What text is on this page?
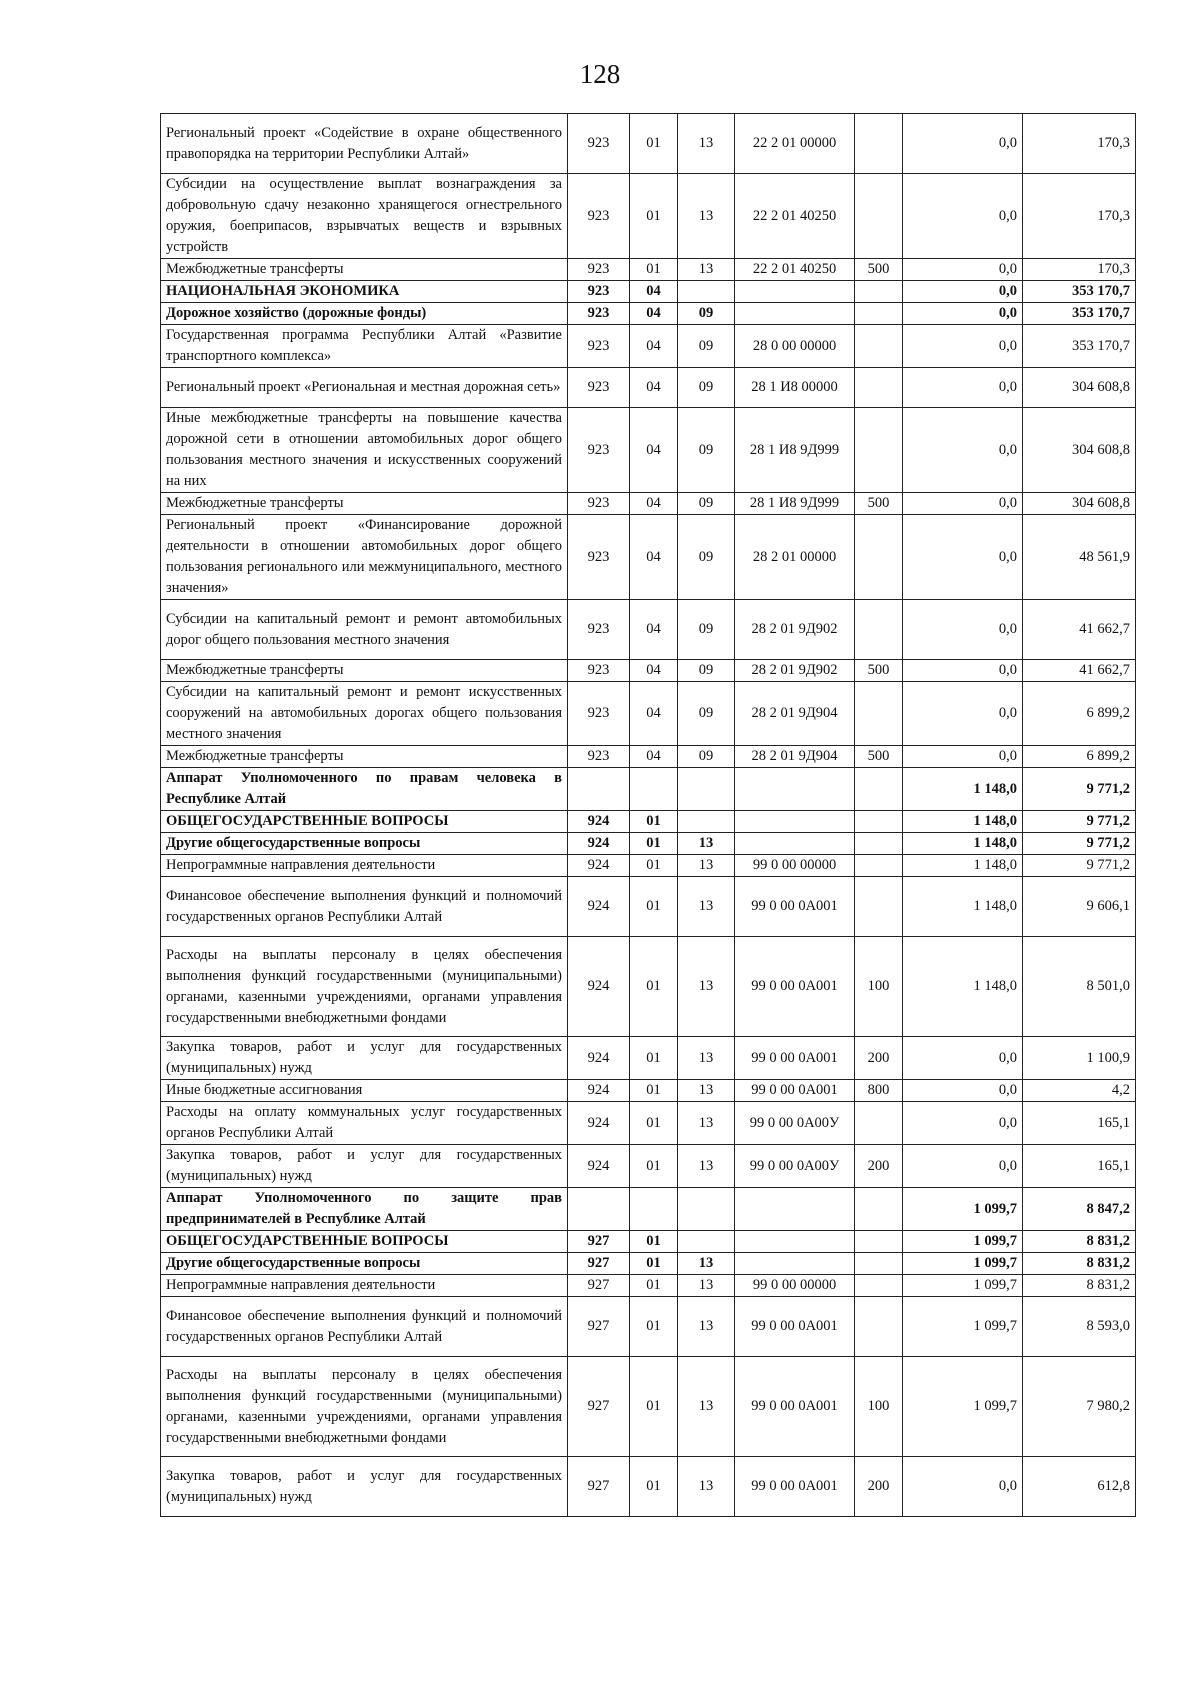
128
Региональный проект «Содействие в охране общественного правопорядка на территории Республики Алтай»	923	01	13	22 2 01 00000		0,0	170,3
Субсидии на осуществление выплат вознаграждения за добровольную сдачу незаконно хранящегося огнестрельного оружия, боеприпасов, взрывчатых веществ и взрывных устройств	923	01	13	22 2 01 40250		0,0	170,3
Межбюджетные трансферты	923	01	13	22 2 01 40250	500	0,0	170,3
НАЦИОНАЛЬНАЯ ЭКОНОМИКА	923	04				0,0	353 170,7
Дорожное хозяйство (дорожные фонды)	923	04	09			0,0	353 170,7
Государственная программа Республики Алтай «Развитие транспортного комплекса»	923	04	09	28 0 00 00000		0,0	353 170,7
Региональный проект «Региональная и местная дорожная сеть»	923	04	09	28 1 И8 00000		0,0	304 608,8
Иные межбюджетные трансферты на повышение качества дорожной сети в отношении автомобильных дорог общего пользования местного значения и искусственных сооружений на них	923	04	09	28 1 И8 9Д999		0,0	304 608,8
Межбюджетные трансферты	923	04	09	28 1 И8 9Д999	500	0,0	304 608,8
Региональный проект «Финансирование дорожной деятельности в отношении автомобильных дорог общего пользования регионального или межмуниципального, местного значения»	923	04	09	28 2 01 00000		0,0	48 561,9
Субсидии на капитальный ремонт и ремонт автомобильных дорог общего пользования местного значения	923	04	09	28 2 01 9Д902		0,0	41 662,7
Межбюджетные трансферты	923	04	09	28 2 01 9Д902	500	0,0	41 662,7
Субсидии на капитальный ремонт и ремонт искусственных сооружений на автомобильных дорогах общего пользования местного значения	923	04	09	28 2 01 9Д904		0,0	6 899,2
Межбюджетные трансферты	923	04	09	28 2 01 9Д904	500	0,0	6 899,2
Аппарат Уполномоченного по правам человека в Республике Алтай						1 148,0	9 771,2
ОБЩЕГОСУДАРСТВЕННЫЕ ВОПРОСЫ	924	01				1 148,0	9 771,2
Другие общегосударственные вопросы	924	01	13			1 148,0	9 771,2
Непрограммные направления деятельности	924	01	13	99 0 00 00000		1 148,0	9 771,2
Финансовое обеспечение выполнения функций и полномочий государственных органов Республики Алтай	924	01	13	99 0 00 0А001		1 148,0	9 606,1
Расходы на выплаты персоналу в целях обеспечения выполнения функций государственными (муниципальными) органами, казенными учреждениями, органами управления государственными внебюджетными фондами	924	01	13	99 0 00 0А001	100	1 148,0	8 501,0
Закупка товаров, работ и услуг для государственных (муниципальных) нужд	924	01	13	99 0 00 0А001	200	0,0	1 100,9
Иные бюджетные ассигнования	924	01	13	99 0 00 0А001	800	0,0	4,2
Расходы на оплату коммунальных услуг государственных органов Республики Алтай	924	01	13	99 0 00 0А00У		0,0	165,1
Закупка товаров, работ и услуг для государственных (муниципальных) нужд	924	01	13	99 0 00 0А00У	200	0,0	165,1
Аппарат Уполномоченного по защите прав предпринимателей в Республике Алтай						1 099,7	8 847,2
ОБЩЕГОСУДАРСТВЕННЫЕ ВОПРОСЫ	927	01				1 099,7	8 831,2
Другие общегосударственные вопросы	927	01	13			1 099,7	8 831,2
Непрограммные направления деятельности	927	01	13	99 0 00 00000		1 099,7	8 831,2
Финансовое обеспечение выполнения функций и полномочий государственных органов Республики Алтай	927	01	13	99 0 00 0А001		1 099,7	8 593,0
Расходы на выплаты персоналу в целях обеспечения выполнения функций государственными (муниципальными) органами, казенными учреждениями, органами управления государственными внебюджетными фондами	927	01	13	99 0 00 0А001	100	1 099,7	7 980,2
Закупка товаров, работ и услуг для государственных (муниципальных) нужд	927	01	13	99 0 00 0А001	200	0,0	612,8
